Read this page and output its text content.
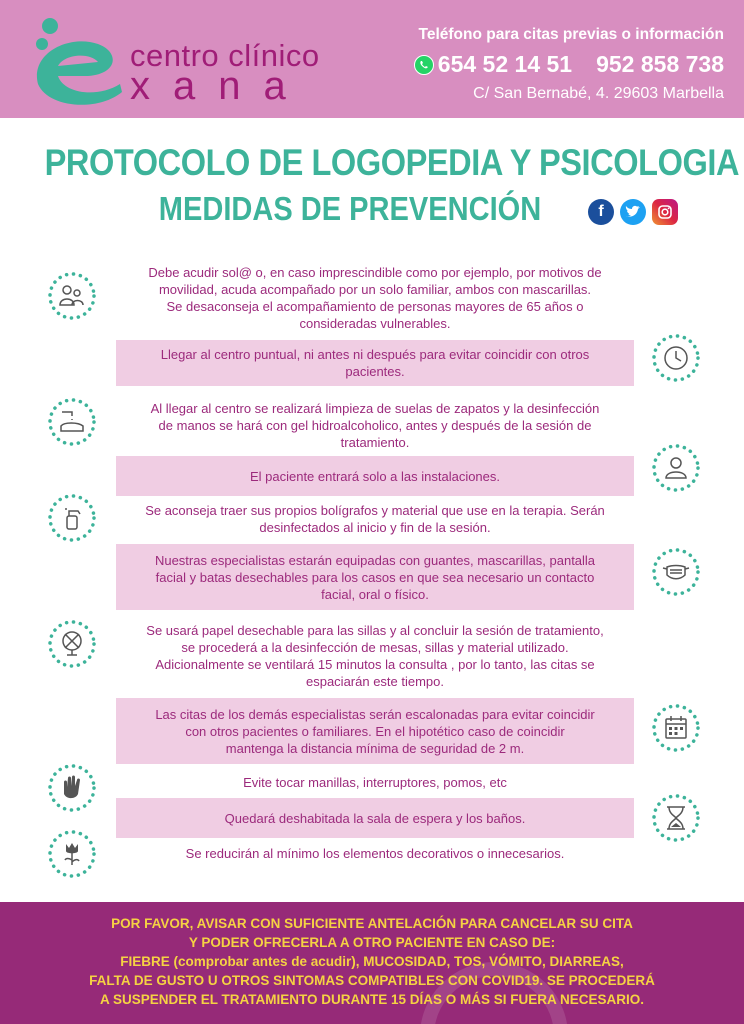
centro clínico
xana
Teléfono para citas previas o información
654 52 14 51 952 858 738
C/ San Bernabé, 4. 29603 Marbella
PROTOCOLO DE LOGOPEDIA Y PSICOLOGIA
MEDIDAS DE PREVENCIÓN	f
Debe acudir sol@ o, en caso imprescindible como por ejemplo, por motivos de
movilidad, acuda acompañado por un solo familiar, ambos con mascarillas.
Se desaconseja el acompañamiento de personas mayores de 65 años o
consideradas vulnerables.
Llegar al centro puntual, ni antes ni después para evitar coincidir con otros
pacientes.
Al llegar al centro se realizará limpieza de suelas de zapatos y la desinfección
de manos se hará con gel hidroalcoholico, antes y después de la sesión de
tratamiento.
El paciente entrará solo a las instalaciones.
Se aconseja traer sus propios bolígrafos y material que use en la terapia. Serán
desinfectados al inicio y fin de la sesión.
Nuestras especialistas estarán equipadas con guantes, mascarillas, pantalla
facial y batas desechables para los casos en que sea necesario un contacto
facial, oral o físico.
Se usará papel desechable para las sillas y al concluir la sesión de tratamiento,
se procederá a la desinfección de mesas, sillas y material utilizado.
Adicionalmente se ventilará 15 minutos la consulta , por lo tanto, las citas se
espaciarán este tiempo.
Las citas de los demás especialistas serán escalonadas para evitar coincidir
con otros pacientes o familiares. En el hipotético caso de coincidir
mantenga la distancia mínima de seguridad de 2 m.
Evite tocar manillas, interruptores, pomos, etc
Quedará deshabitada la sala de espera y los baños.
Se reducirán al mínimo los elementos decorativos o innecesarios.
POR FAVOR, AVISAR CON SUFICIENTE ANTELACIÓN PARA CANCELAR SU CITA
Y PODER OFRECERLA A OTRO PACIENTE EN CASO DE:
FIEBRE (comprobar antes de acudir), MUCOSIDAD, TOS, VÓMITO, DIARREAS,
FALTA DE GUSTO U OTROS SINTOMAS COMPATIBLES CON COVID19. SE PROCEDERÁ
A SUSPENDER EL TRATAMIENTO DURANTE 15 DÍAS O MÁS SI FUERA NECESARIO.
